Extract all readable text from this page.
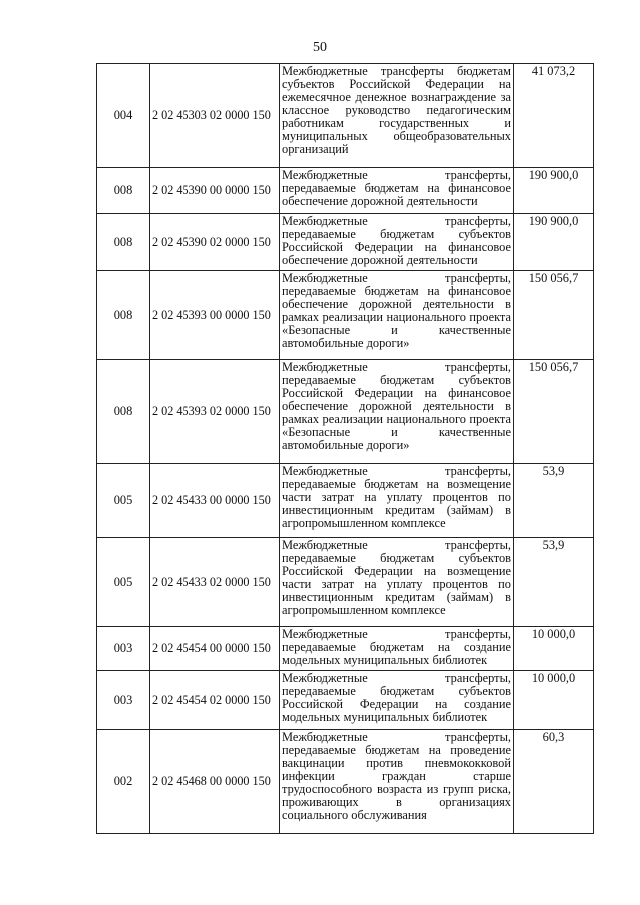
50
004	2 02 45303 02 0000 150	Межбюджетные трансферты бюджетам субъектов Российской Федерации на ежемесячное денежное вознаграждение за классное руководство педагогическим работникам государственных и муниципальных общеобразовательных организаций	41 073,2
008	2 02 45390 00 0000 150	Межбюджетные трансферты, передаваемые бюджетам на финансовое обеспечение дорожной деятельности	190 900,0
008	2 02 45390 02 0000 150	Межбюджетные трансферты, передаваемые бюджетам субъектов Российской Федерации на финансовое обеспечение дорожной деятельности	190 900,0
008	2 02 45393 00 0000 150	Межбюджетные трансферты, передаваемые бюджетам на финансовое обеспечение дорожной деятельности в рамках реализации национального проекта «Безопасные и качественные автомобильные дороги»	150 056,7
008	2 02 45393 02 0000 150	Межбюджетные трансферты, передаваемые бюджетам субъектов Российской Федерации на финансовое обеспечение дорожной деятельности в рамках реализации национального проекта «Безопасные и качественные автомобильные дороги»	150 056,7
005	2 02 45433 00 0000 150	Межбюджетные трансферты, передаваемые бюджетам на возмещение части затрат на уплату процентов по инвестиционным кредитам (займам) в агропромышленном комплексе	53,9
005	2 02 45433 02 0000 150	Межбюджетные трансферты, передаваемые бюджетам субъектов Российской Федерации на возмещение части затрат на уплату процентов по инвестиционным кредитам (займам) в агропромышленном комплексе	53,9
003	2 02 45454 00 0000 150	Межбюджетные трансферты, передаваемые бюджетам на создание модельных муниципальных библиотек	10 000,0
003	2 02 45454 02 0000 150	Межбюджетные трансферты, передаваемые бюджетам субъектов Российской Федерации на создание модельных муниципальных библиотек	10 000,0
002	2 02 45468 00 0000 150	Межбюджетные трансферты, передаваемые бюджетам на проведение вакцинации против пневмококковой инфекции граждан старше трудоспособного возраста из групп риска, проживающих в организациях социального обслуживания	60,3
